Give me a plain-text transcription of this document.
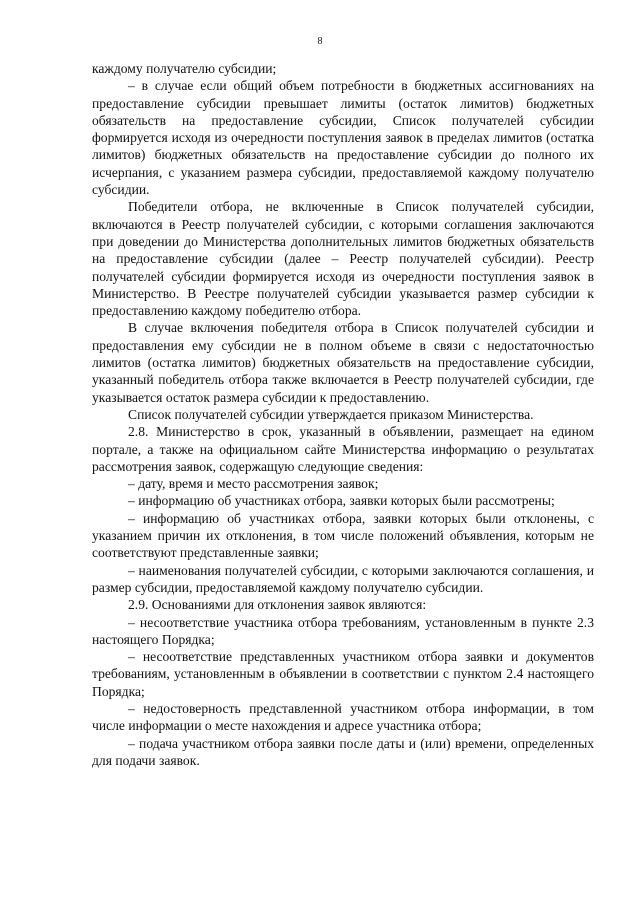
8

каждому получателю субсидии;

– в случае если общий объем потребности в бюджетных ассигнованиях на предоставление субсидии превышает лимиты (остаток лимитов) бюджетных обязательств на предоставление субсидии, Список получателей субсидии формируется исходя из очередности поступления заявок в пределах лимитов (остатка лимитов) бюджетных обязательств на предоставление субсидии до полного их исчерпания, с указанием размера субсидии, предоставляемой каждому получателю субсидии.

Победители отбора, не включенные в Список получателей субсидии, включаются в Реестр получателей субсидии, с которыми соглашения заключаются при доведении до Министерства дополнительных лимитов бюджетных обязательств на предоставление субсидии (далее – Реестр получателей субсидии). Реестр получателей субсидии формируется исходя из очередности поступления заявок в Министерство. В Реестре получателей субсидии указывается размер субсидии к предоставлению каждому победителю отбора.

В случае включения победителя отбора в Список получателей субсидии и предоставления ему субсидии не в полном объеме в связи с недостаточностью лимитов (остатка лимитов) бюджетных обязательств на предоставление субсидии, указанный победитель отбора также включается в Реестр получателей субсидии, где указывается остаток размера субсидии к предоставлению.

Список получателей субсидии утверждается приказом Министерства.

2.8. Министерство в срок, указанный в объявлении, размещает на едином портале, а также на официальном сайте Министерства информацию о результатах рассмотрения заявок, содержащую следующие сведения:

– дату, время и место рассмотрения заявок;

– информацию об участниках отбора, заявки которых были рассмотрены;

– информацию об участниках отбора, заявки которых были отклонены, с указанием причин их отклонения, в том числе положений объявления, которым не соответствуют представленные заявки;

– наименования получателей субсидии, с которыми заключаются соглашения, и размер субсидии, предоставляемой каждому получателю субсидии.

2.9. Основаниями для отклонения заявок являются:

– несоответствие участника отбора требованиям, установленным в пункте 2.3 настоящего Порядка;

– несоответствие представленных участником отбора заявки и документов требованиям, установленным в объявлении в соответствии с пунктом 2.4 настоящего Порядка;

– недостоверность представленной участником отбора информации, в том числе информации о месте нахождения и адресе участника отбора;

– подача участником отбора заявки после даты и (или) времени, определенных для подачи заявок.
